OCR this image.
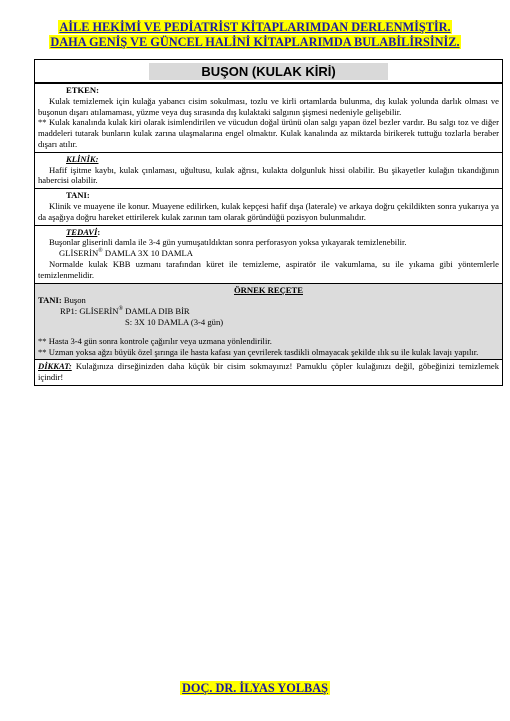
AİLE HEKİMİ VE PEDİATRİST KİTAPLARIMDAN DERLENMİŞTİR.
DAHA GENİŞ VE GÜNCEL HALİNİ KİTAPLARIMDA BULABİLİRSİNİZ.
BUŞON (KULAK KİRİ)
ETKEN:
Kulak temizlemek için kulağa yabancı cisim sokulması, tozlu ve kirli ortamlarda bulunma, dış kulak yolunda darlık olması ve buşonun dışarı atılamaması, yüzme veya duş sırasında dış kulaktaki salgının şişmesi nedeniyle gelişebilir.
** Kulak kanalında kulak kiri olarak isimlendirilen ve vücudun doğal ürünü olan salgı yapan özel bezler vardır. Bu salgı toz ve diğer maddeleri tutarak bunların kulak zarına ulaşmalarına engel olmaktır. Kulak kanalında az miktarda birikerek tuttuğu tozlarla beraber dışarı atılır.
KLİNİK:
Hafif işitme kaybı, kulak çınlaması, uğultusu, kulak ağrısı, kulakta dolgunluk hissi olabilir. Bu şikayetler kulağın tıkandığının habercisi olabilir.
TANI:
Klinik ve muayene ile konur. Muayene edilirken, kulak kepçesi hafif dışa (laterale) ve arkaya doğru çekildikten sonra yukarıya ya da aşağıya doğru hareket ettirilerek kulak zarının tam olarak göründüğü pozisyon bulunmalıdır.
TEDAVİ:
Buşonlar gliserinli damla ile 3-4 gün yumuşatıldıktan sonra perforasyon yoksa yıkayarak temizlenebilir.
GLİSERİN® DAMLA 3X 10 DAMLA
Normalde kulak KBB uzmanı tarafından küret ile temizleme, aspiratör ile vakumlama, su ile yıkama gibi yöntemlerle temizlenmelidir.
ÖRNEK REÇETE
TANI: Buşon
RP1: GLİSERİN® DAMLA DIB BİR
S: 3X 10 DAMLA (3-4 gün)
** Hasta 3-4 gün sonra kontrole çağırılır veya uzmana yönlendirilir.
** Uzman yoksa ağzı büyük özel şırınga ile hasta kafası yan çevrilerek tasdikli olmayacak şekilde ılık su ile kulak lavajı yapılır.
DİKKAT: Kulağınıza dirseğinizden daha küçük bir cisim sokmayınız! Pamuklu çöpler kulağınızı değil, göbeğinizi temizlemek içindir!
DOÇ. DR. İLYAS YOLBAŞ
